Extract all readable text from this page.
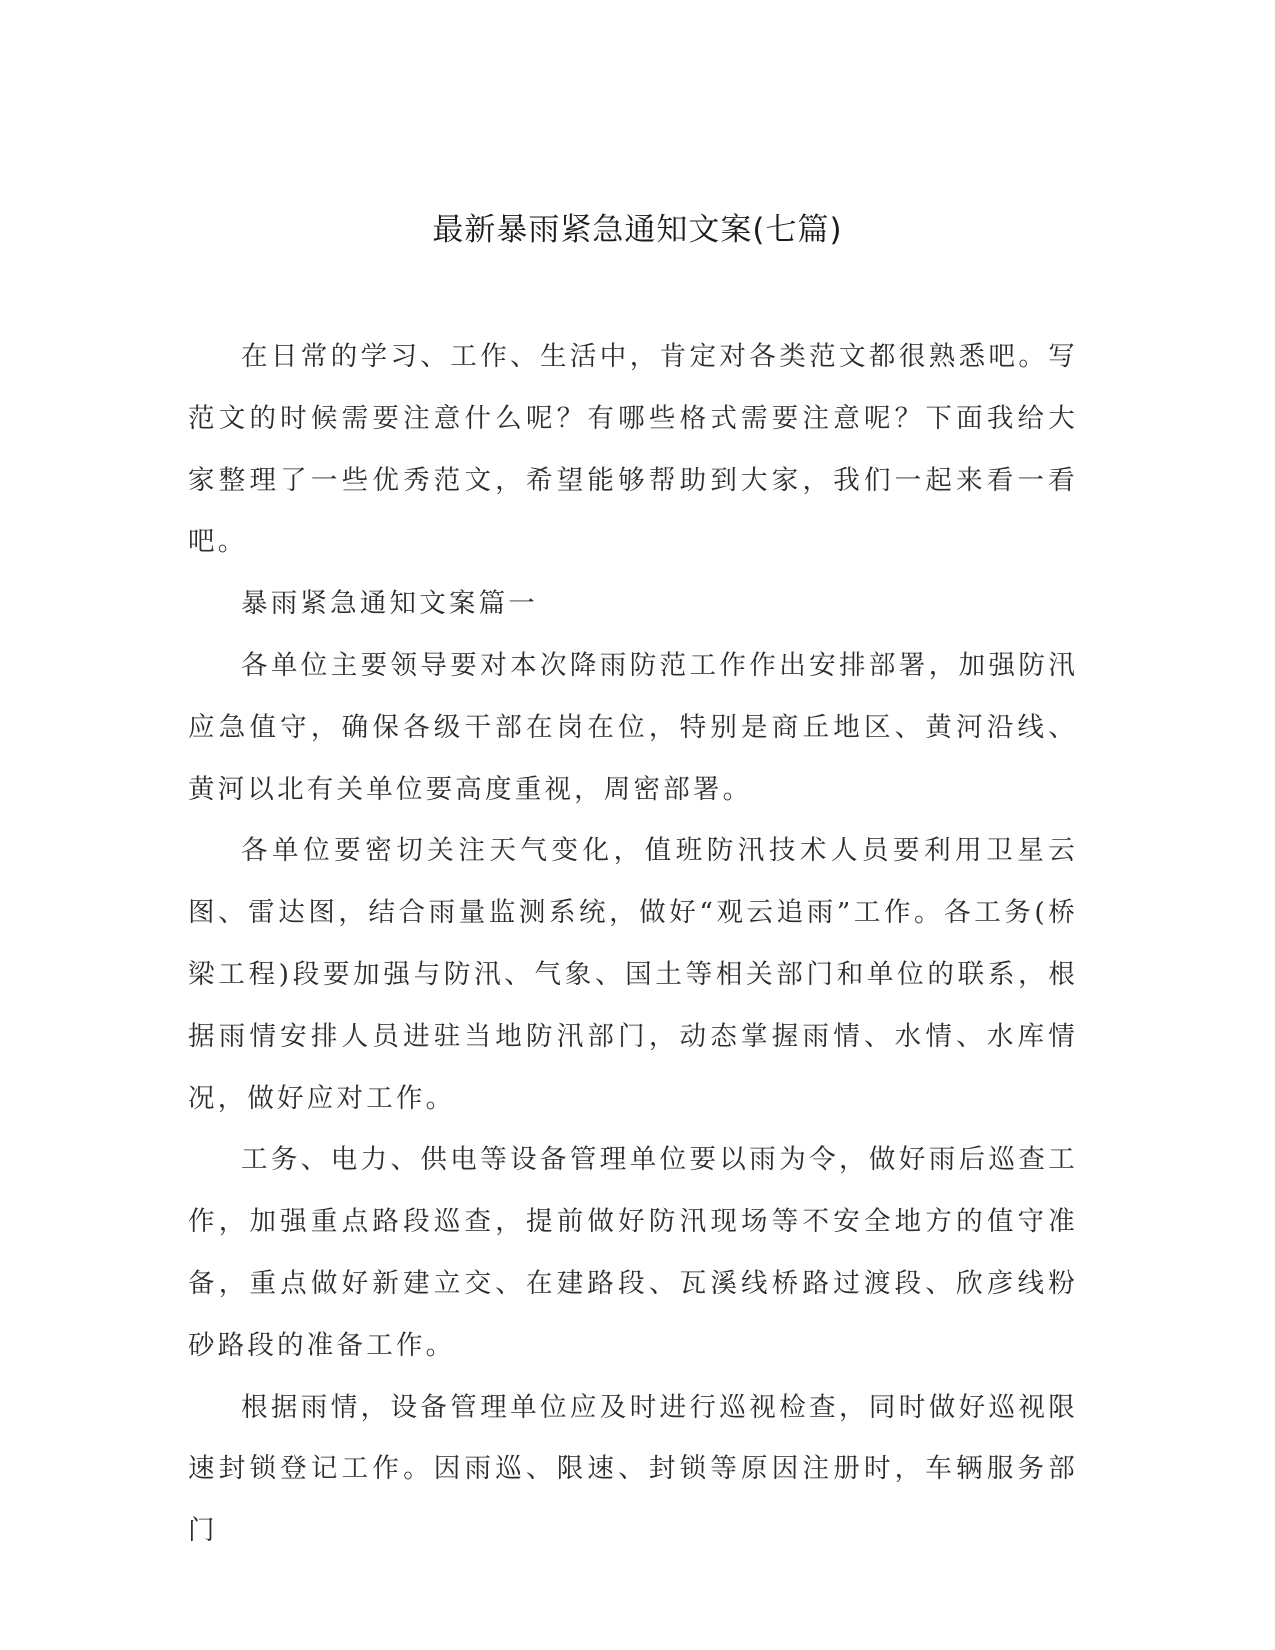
最新暴雨紧急通知文案(七篇)

在日常的学习、工作、生活中，肯定对各类范文都很熟悉吧。写范文的时候需要注意什么呢？有哪些格式需要注意呢？下面我给大家整理了一些优秀范文，希望能够帮助到大家，我们一起来看一看吧。

暴雨紧急通知文案篇一

各单位主要领导要对本次降雨防范工作作出安排部署，加强防汛应急值守，确保各级干部在岗在位，特别是商丘地区、黄河沿线、黄河以北有关单位要高度重视，周密部署。

各单位要密切关注天气变化，值班防汛技术人员要利用卫星云图、雷达图，结合雨量监测系统，做好“观云追雨”工作。各工务(桥梁工程)段要加强与防汛、气象、国土等相关部门和单位的联系，根据雨情安排人员进驻当地防汛部门，动态掌握雨情、水情、水库情况，做好应对工作。

工务、电力、供电等设备管理单位要以雨为令，做好雨后巡查工作，加强重点路段巡查，提前做好防汛现场等不安全地方的值守准备，重点做好新建立交、在建路段、瓦溪线桥路过渡段、欣彦线粉砂路段的准备工作。

根据雨情，设备管理单位应及时进行巡视检查，同时做好巡视限速封锁登记工作。因雨巡、限速、封锁等原因注册时，车辆服务部门
